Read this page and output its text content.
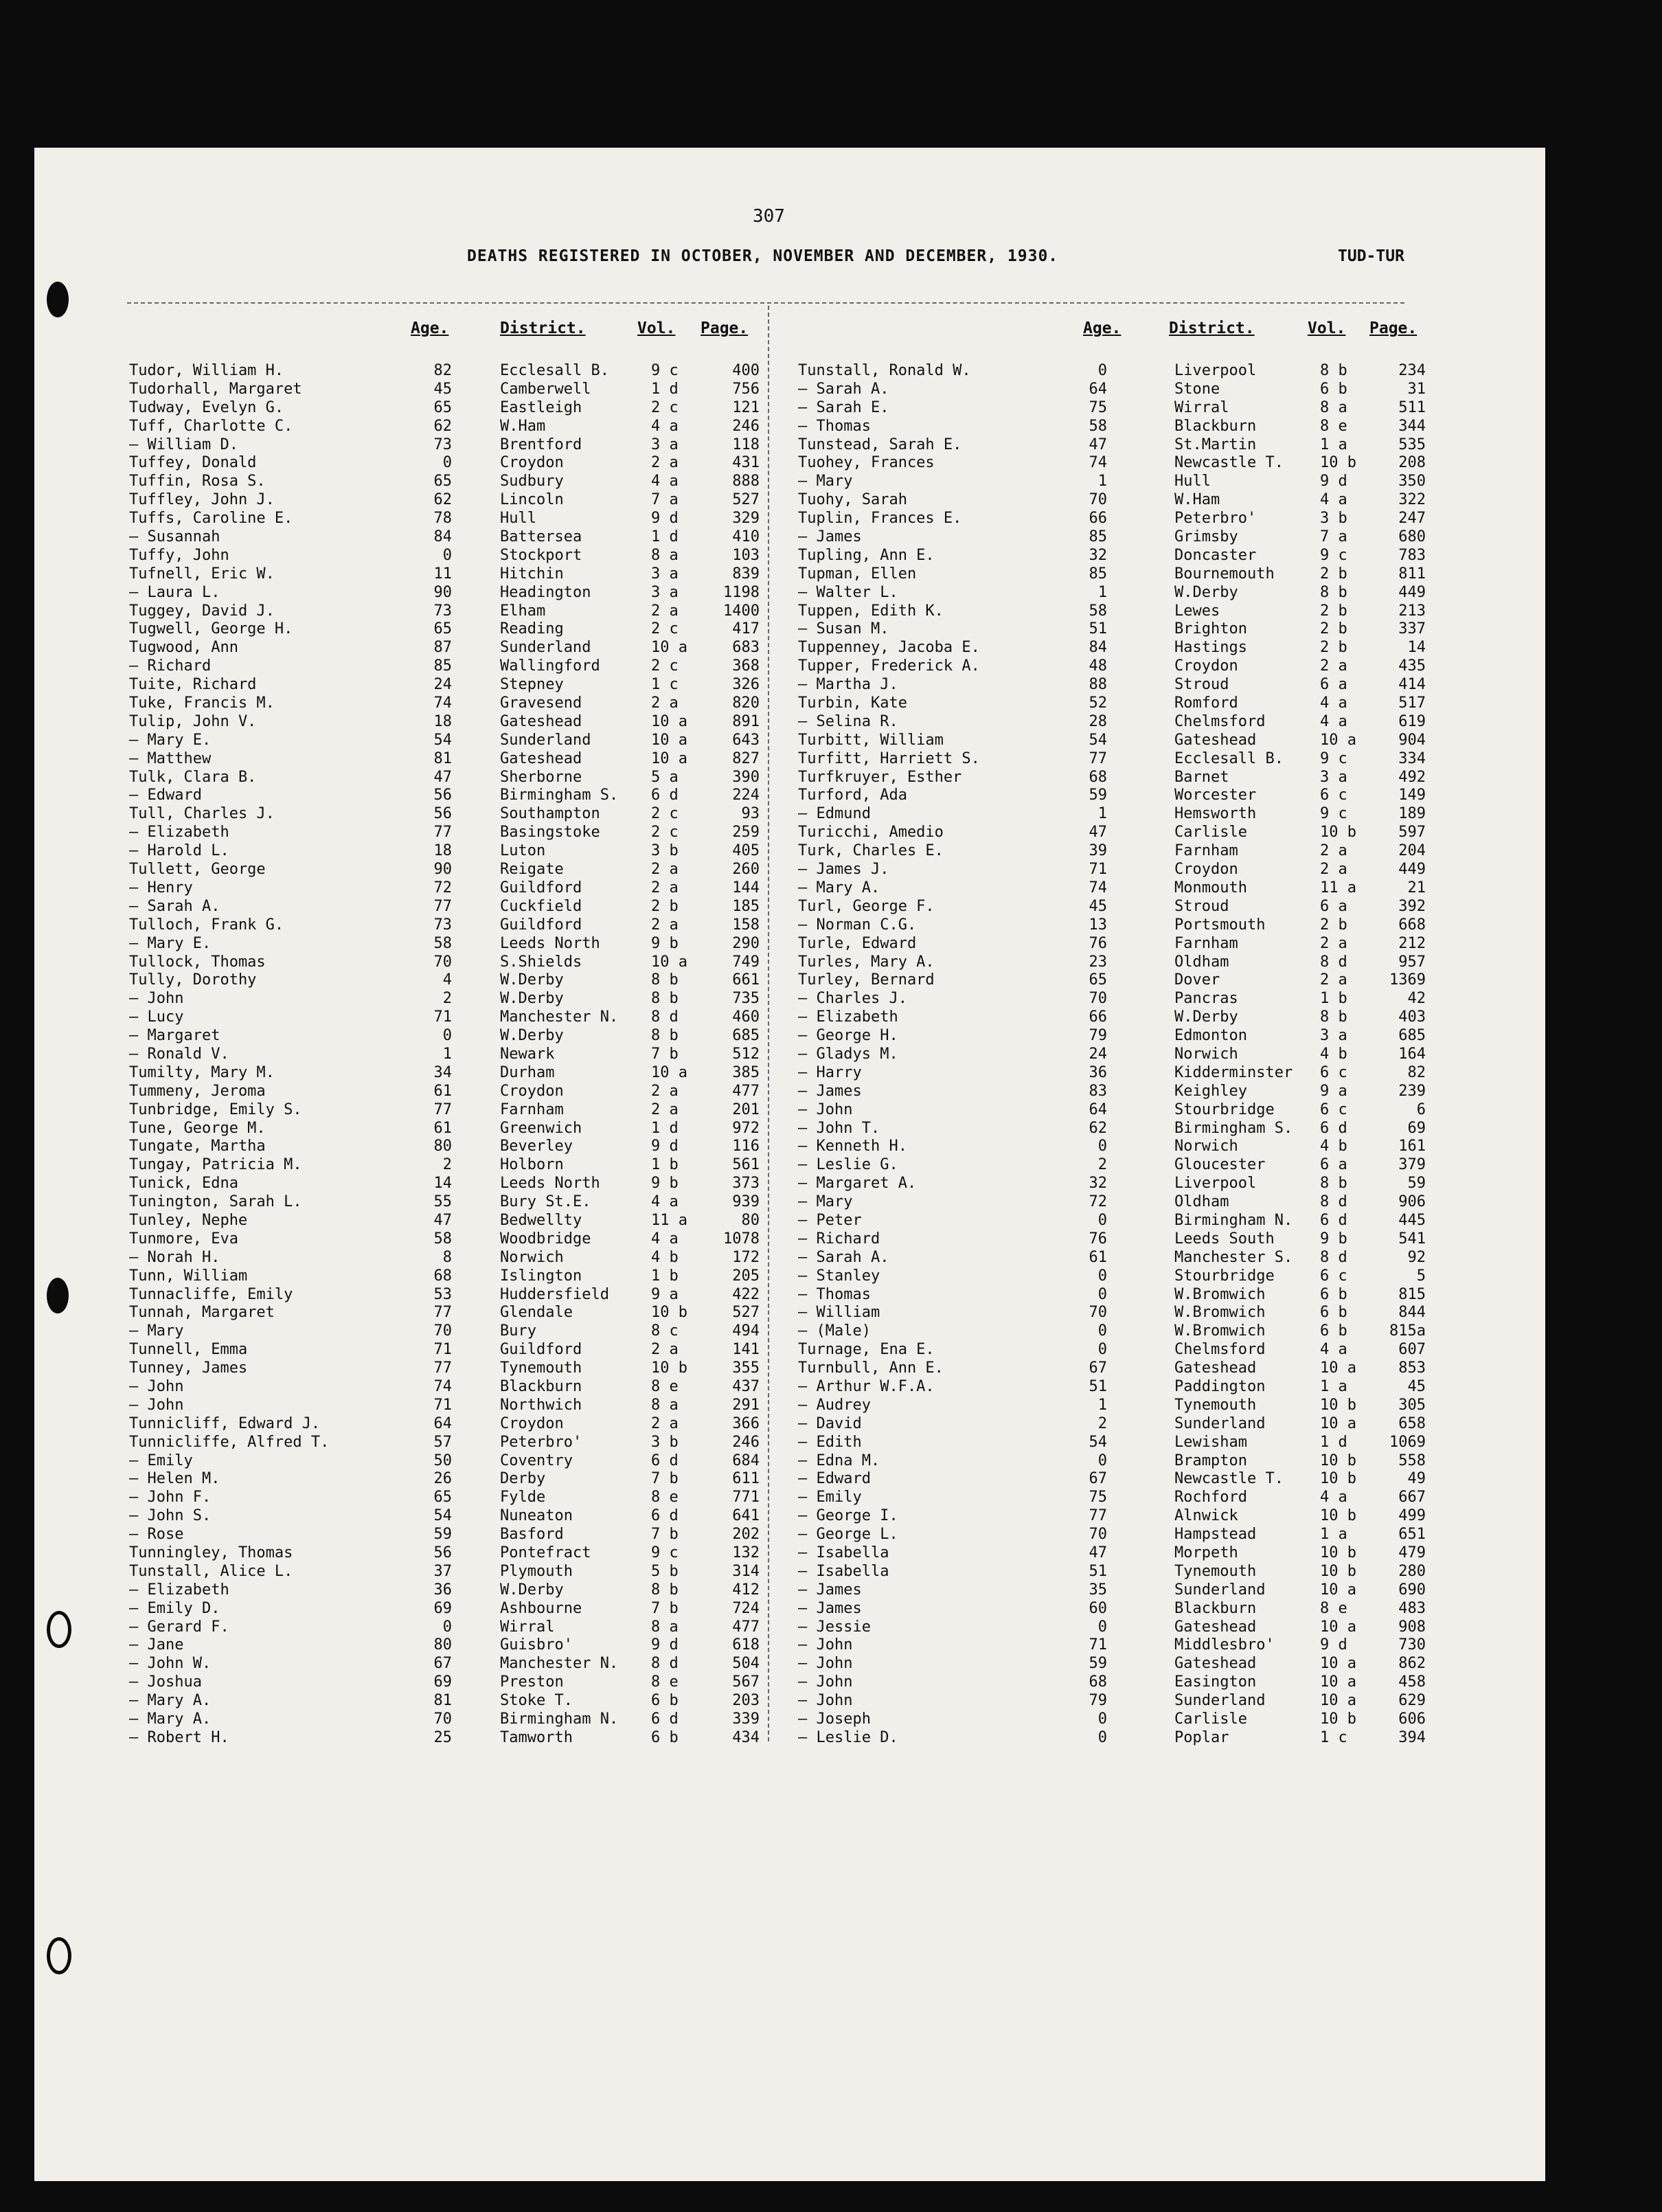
307
DEATHS REGISTERED IN OCTOBER, NOVEMBER AND DECEMBER, 1930.	TUD-TUR
Age.	District.	Vol. Page.
Tudor, William H.	82	Ecclesall B.	9 c	400
Tudorhall, Margaret	45	Camberwell	1 d	756
Tudway, Evelyn G.	65	Eastleigh	2 c	121
Tuff, Charlotte C.	62	W.Ham	4 a	246
— William D.	73	Brentford	3 a	118
Tuffey, Donald	0	Croydon	2 a	431
Tuffin, Rosa S.	65	Sudbury	4 a	888
Tuffley, John J.	62	Lincoln	7 a	527
Tuffs, Caroline E.	78	Hull	9 d	329
— Susannah	84	Battersea	1 d	410
Tuffy, John	0	Stockport	8 a	103
Tufnell, Eric W.	11	Hitchin	3 a	839
— Laura L.	90	Headington	3 a	1198
Tuggey, David J.	73	Elham	2 a	1400
Tugwell, George H.	65	Reading	2 c	417
Tugwood, Ann	87	Sunderland	10 a	683
— Richard	85	Wallingford	2 c	368
Tuite, Richard	24	Stepney	1 c	326
Tuke, Francis M.	74	Gravesend	2 a	820
Tulip, John V.	18	Gateshead	10 a	891
— Mary E.	54	Sunderland	10 a	643
— Matthew	81	Gateshead	10 a	827
Tulk, Clara B.	47	Sherborne	5 a	390
— Edward	56	Birmingham S. 6 d	224
Tull, Charles J.	56	Southampton	2 c	93
— Elizabeth	77	Basingstoke	2 c	259
— Harold L.	18	Luton	3 b	405
Tullett, George	90	Reigate	2 a	260
— Henry	72	Guildford	2 a	144
— Sarah A.	77	Cuckfield	2 b	185
Tulloch, Frank G.	73	Guildford	2 a	158
— Mary E.	58	Leeds North	9 b	290
Tullock, Thomas	70	S.Shields	10 a	749
Tully, Dorothy	4	W.Derby	8 b	661
— John	2	W.Derby	8 b	735
— Lucy	71	Manchester N. 8 d	460
— Margaret	0	W.Derby	8 b	685
— Ronald V.	1	Newark	7 b	512
Tumilty, Mary M.	34	Durham	10 a	385
Tummeny, Jeroma	61	Croydon	2 a	477
Tunbridge, Emily S.	77	Farnham	2 a	201
Tune, George M.	61	Greenwich	1 d	972
Tungate, Martha	80	Beverley	9 d	116
Tungay, Patricia M.	2	Holborn	1 b	561
Tunick, Edna	14	Leeds North	9 b	373
Tunington, Sarah L.	55	Bury St.E.	4 a	939
Tunley, Nephe	47	Bedwellty	11 a	80
Tunmore, Eva	58	Woodbridge	4 a	1078
— Norah H.	8	Norwich	4 b	172
Tunn, William	68	Islington	1 b	205
Tunnacliffe, Emily	53	Huddersfield	9 a	422
Tunnah, Margaret	77	Glendale	10 b	527
— Mary	70	Bury	8 c	494
Tunnell, Emma	71	Guildford	2 a	141
Tunney, James	77	Tynemouth	10 b	355
— John	74	Blackburn	8 e	437
— John	71	Northwich	8 a	291
Tunnicliff, Edward J.	64	Croydon	2 a	366
Tunnicliffe, Alfred T.	57	Peterbro'	3 b	246
— Emily	50	Coventry	6 d	684
— Helen M.	26	Derby	7 b	611
— John F.	65	Fylde	8 e	771
— John S.	54	Nuneaton	6 d	641
— Rose	59	Basford	7 b	202
Tunningley, Thomas	56	Pontefract	9 c	132
Tunstall, Alice L.	37	Plymouth	5 b	314
— Elizabeth	36	W.Derby	8 b	412
— Emily D.	69	Ashbourne	7 b	724
— Gerard F.	0	Wirral	8 a	477
— Jane	80	Guisbro'	9 d	618
— John W.	67	Manchester N. 8 d	504
— Joshua	69	Preston	8 e	567
— Mary A.	81	Stoke T.	6 b	203
— Mary A.	70	Birmingham N. 6 d	339
— Robert H.	25	Tamworth	6 b	434
Age.	District.	Vol. Page.
Tunstall, Ronald W.	0	Liverpool	8 b	234
— Sarah A.	64	Stone	6 b	31
— Sarah E.	75	Wirral	8 a	511
— Thomas	58	Blackburn	8 e	344
Tunstead, Sarah E.	47	St.Martin	1 a	535
Tuohey, Frances	74	Newcastle T. 10 b	208
— Mary	1	Hull	9 d	350
Tuohy, Sarah	70	W.Ham	4 a	322
Tuplin, Frances E.	66	Peterbro'	3 b	247
— James	85	Grimsby	7 a	680
Tupling, Ann E.	32	Doncaster	9 c	783
Tupman, Ellen	85	Bournemouth	2 b	811
— Walter L.	1	W.Derby	8 b	449
Tuppen, Edith K.	58	Lewes	2 b	213
— Susan M.	51	Brighton	2 b	337
Tuppenney, Jacoba E.	84	Hastings	2 b	14
Tupper, Frederick A.	48	Croydon	2 a	435
— Martha J.	88	Stroud	6 a	414
Turbin, Kate	52	Romford	4 a	517
— Selina R.	28	Chelmsford	4 a	619
Turbitt, William	54	Gateshead	10 a	904
Turfitt, Harriett S.	77	Ecclesall B. 9 c	334
Turfkruyer, Esther	68	Barnet	3 a	492
Turford, Ada	59	Worcester	6 c	149
— Edmund	1	Hemsworth	9 c	189
Turicchi, Amedio	47	Carlisle	10 b	597
Turk, Charles E.	39	Farnham	2 a	204
— James J.	71	Croydon	2 a	449
— Mary A.	74	Monmouth	11 a	21
Turl, George F.	45	Stroud	6 a	392
— Norman C.G.	13	Portsmouth	2 b	668
Turle, Edward	76	Farnham	2 a	212
Turles, Mary A.	23	Oldham	8 d	957
Turley, Bernard	65	Dover	2 a	1369
— Charles J.	70	Pancras	1 b	42
— Elizabeth	66	W.Derby	8 b	403
— George H.	79	Edmonton	3 a	685
— Gladys M.	24	Norwich	4 b	164
— Harry	36	Kidderminster 6 c	82
— James	83	Keighley	9 a	239
— John	64	Stourbridge	6 c	6
— John T.	62	Birmingham S. 6 d	69
— Kenneth H.	0	Norwich	4 b	161
— Leslie G.	2	Gloucester	6 a	379
— Margaret A.	32	Liverpool	8 b	59
— Mary	72	Oldham	8 d	906
— Peter	0	Birmingham N. 6 d	445
— Richard	76	Leeds South	9 b	541
— Sarah A.	61	Manchester S. 8 d	92
— Stanley	0	Stourbridge	6 c	5
— Thomas	0	W.Bromwich	6 b	815
— William	70	W.Bromwich	6 b	844
— (Male)	0	W.Bromwich	6 b	815a
Turnage, Ena E.	0	Chelmsford	4 a	607
Turnbull, Ann E.	67	Gateshead	10 a	853
— Arthur W.F.A.	51	Paddington	1 a	45
— Audrey	1	Tynemouth	10 b	305
— David	2	Sunderland	10 a	658
— Edith	54	Lewisham	1 d	1069
— Edna M.	0	Brampton	10 b	558
— Edward	67	Newcastle T. 10 b	49
— Emily	75	Rochford	4 a	667
— George I.	77	Alnwick	10 b	499
— George L.	70	Hampstead	1 a	651
— Isabella	47	Morpeth	10 b	479
— Isabella	51	Tynemouth	10 b	280
— James	35	Sunderland	10 a	690
— James	60	Blackburn	8 e	483
— Jessie	0	Gateshead	10 a	908
— John	71	Middlesbro'	9 d	730
— John	59	Gateshead	10 a	862
— John	68	Easington	10 a	458
— John	79	Sunderland	10 a	629
— Joseph	0	Carlisle	10 b	606
— Leslie D.	0	Poplar	1 c	394
